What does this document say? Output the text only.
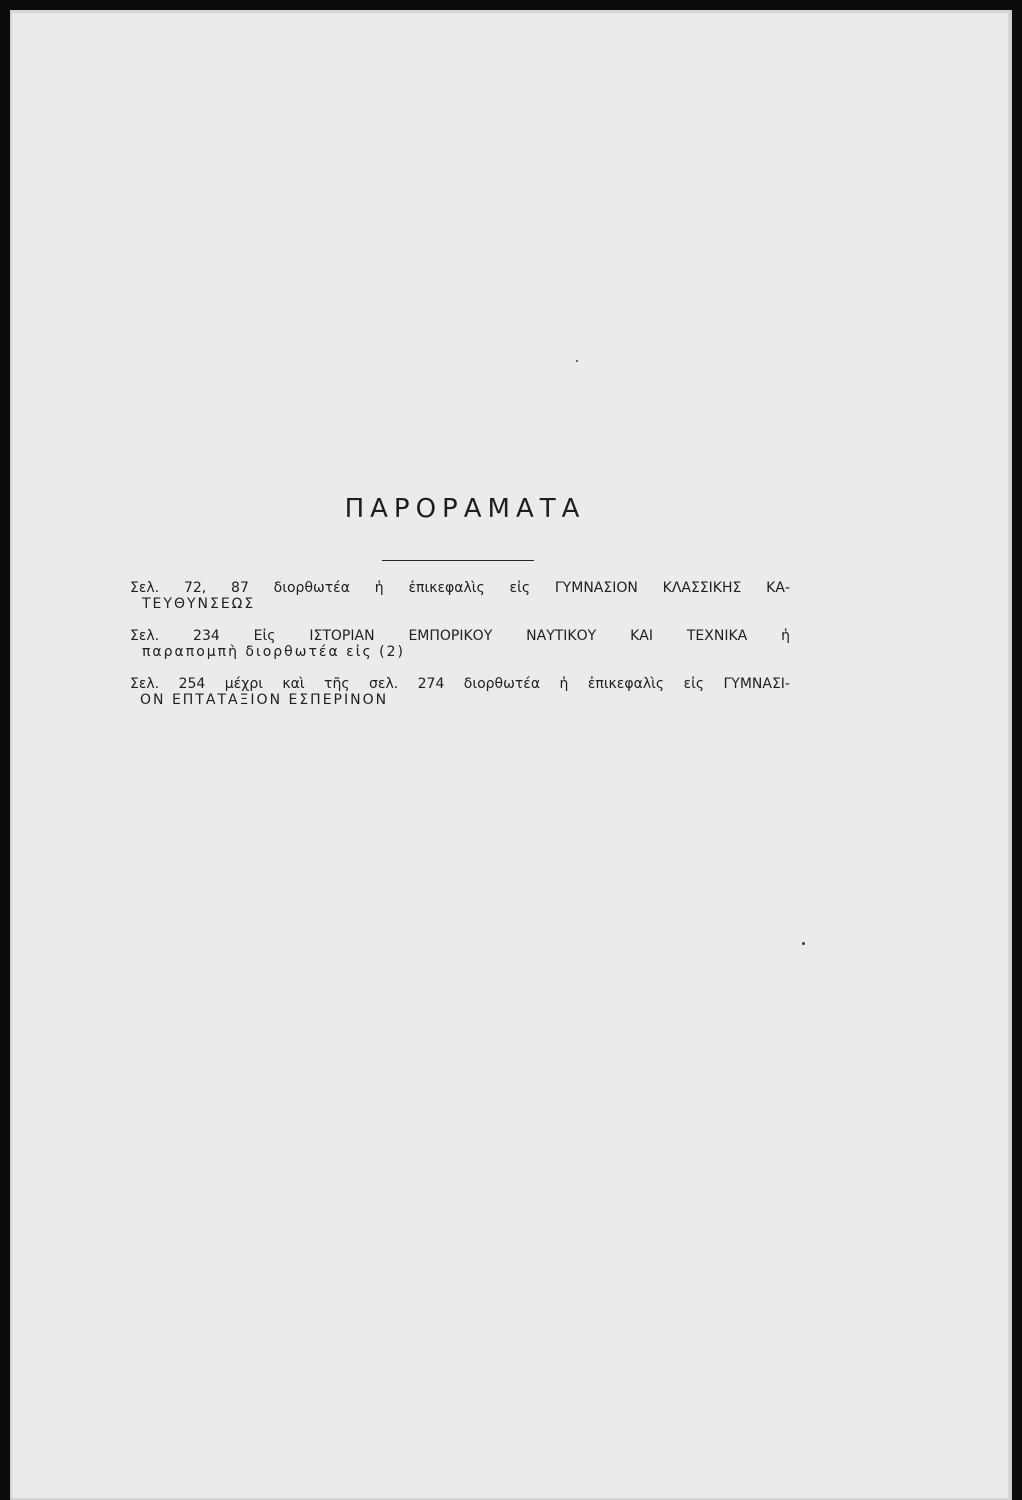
ΠΑΡΟΡΑΜΑΤΑ
Σελ. 72, 87 διορθωτέα ἡ ἐπικεφαλὶς εἰς ΓΥΜΝΑΣΙΟΝ ΚΛΑΣΣΙΚΗΣ ΚΑ-
ΤΕΥΘΥΝΣΕΩΣ
Σελ. 234 Εἰς ΙΣΤΟΡΙΑΝ ΕΜΠΟΡΙΚΟΥ ΝΑΥΤΙΚΟΥ ΚΑΙ ΤΕΧΝΙΚΑ ἡ
παραπομπὴ διορθωτέα εἰς (2)
Σελ. 254 μέχρι καὶ τῆς σελ. 274 διορθωτέα ἡ ἐπικεφαλὶς εἰς ΓΥΜΝΑΣΙ-
ΟΝ ΕΠΤΑΤΑΞΙΟΝ ΕΣΠΕΡΙΝΟΝ
